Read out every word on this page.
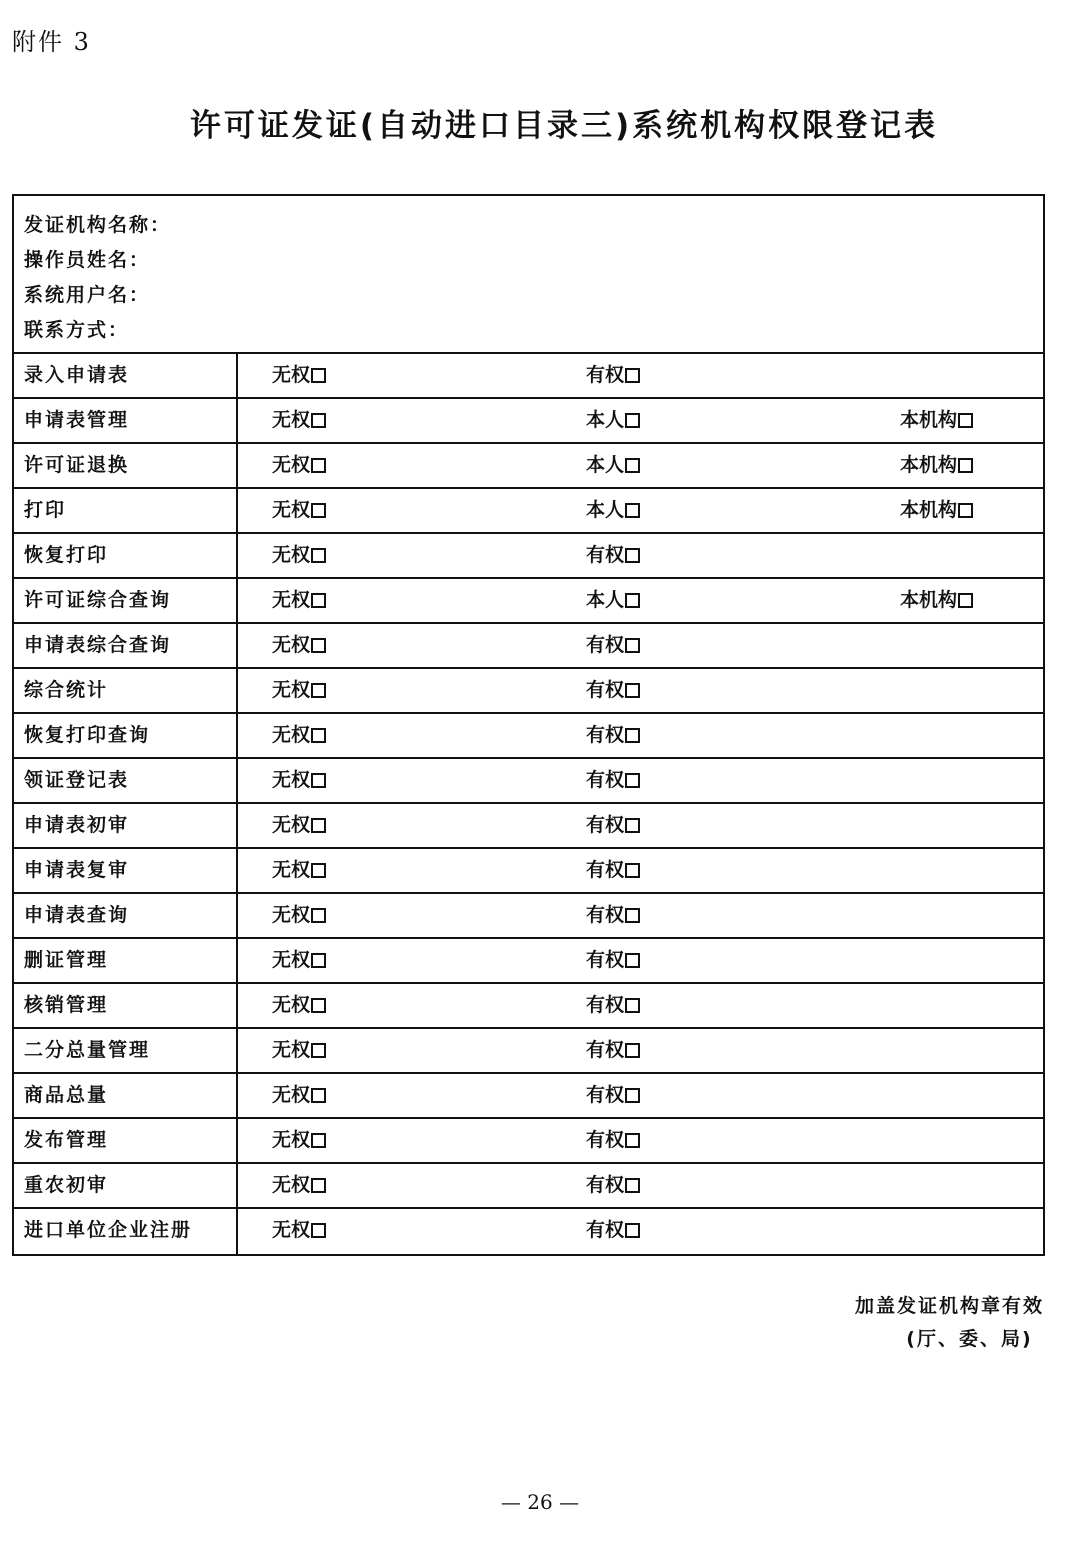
附件 3
许可证发证(自动进口目录三)系统机构权限登记表
发证机构名称：
操作员姓名：
系统用户名：
联系方式：
录入申请表	无权	有权
申请表管理	无权	本人	本机构
许可证退换	无权	本人	本机构
打印	无权	本人	本机构
恢复打印	无权	有权
许可证综合查询	无权	本人	本机构
申请表综合查询	无权	有权
综合统计	无权	有权
恢复打印查询	无权	有权
领证登记表	无权	有权
申请表初审	无权	有权
申请表复审	无权	有权
申请表查询	无权	有权
删证管理	无权	有权
核销管理	无权	有权
二分总量管理	无权	有权
商品总量	无权	有权
发布管理	无权	有权
重农初审	无权	有权
进口单位企业注册	无权	有权
加盖发证机构章有效
(厅、委、局)
— 26 —
